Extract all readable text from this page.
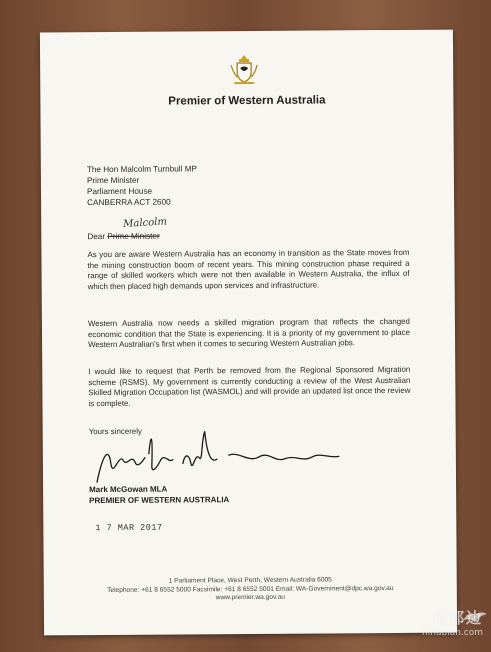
Premier of Western Australia
The Hon Malcolm Turnbull MP
Prime Minister
Parliament House
CANBERRA ACT 2600
Malcolm
Dear Prime Minister
As you are aware Western Australia has an economy in transition as the State moves from the mining construction boom of recent years. This mining construction phase required a range of skilled workers which were not then available in Western Australia, the influx of which then placed high demands upon services and infrastructure.
Western Australia now needs a skilled migration program that reflects the changed economic condition that the State is experiencing. It is a priority of my government to place Western Australian's first when it comes to securing Western Australian jobs.
I would like to request that Perth be removed from the Regional Sponsored Migration scheme (RSMS). My government is currently conducting a review of the West Australian Skilled Migration Occupation list (WASMOL) and will provide an updated list once the review is complete.
Yours sincerely
Mark McGowan MLA
PREMIER OF WESTERN AUSTRALIA
1 7 MAR 2017
1 Parliament Place, West Perth, Western Australia 6005
Telephone: +61 8 6552 5000 Facsimile: +61 8 6552 5001 Email: WA-Government@dpc.wa.gov.au
www.premier.wa.gov.au
海那边
hinabian.com
